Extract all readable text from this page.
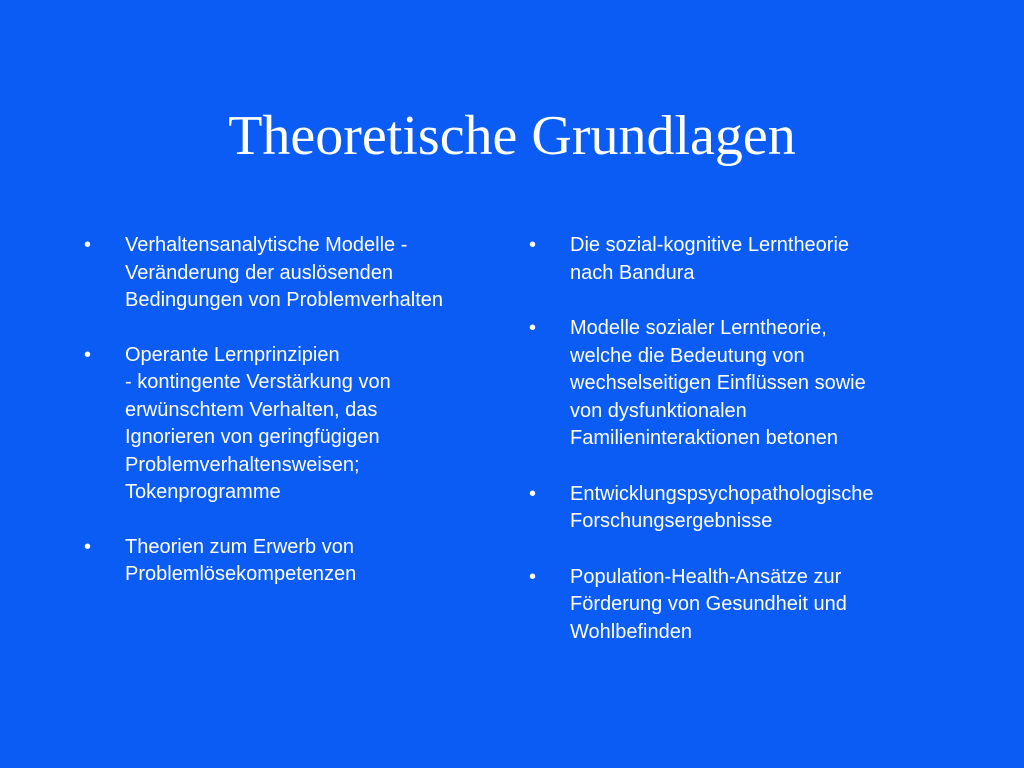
Theoretische Grundlagen
• Verhaltensanalytische Modelle -
Veränderung der auslösenden
Bedingungen von Problemverhalten
• Operante Lernprinzipien
- kontingente Verstärkung von
erwünschtem Verhalten, das
Ignorieren von geringfügigen
Problemverhaltensweisen;
Tokenprogramme
• Theorien zum Erwerb von
Problemlösekompetenzen
• Die sozial-kognitive Lerntheorie
nach Bandura
• Modelle sozialer Lerntheorie,
welche die Bedeutung von
wechselseitigen Einflüssen sowie
von dysfunktionalen
Familieninteraktionen betonen
• Entwicklungspsychopathologische
Forschungsergebnisse
• Population-Health-Ansätze zur
Förderung von Gesundheit und
Wohlbefinden
